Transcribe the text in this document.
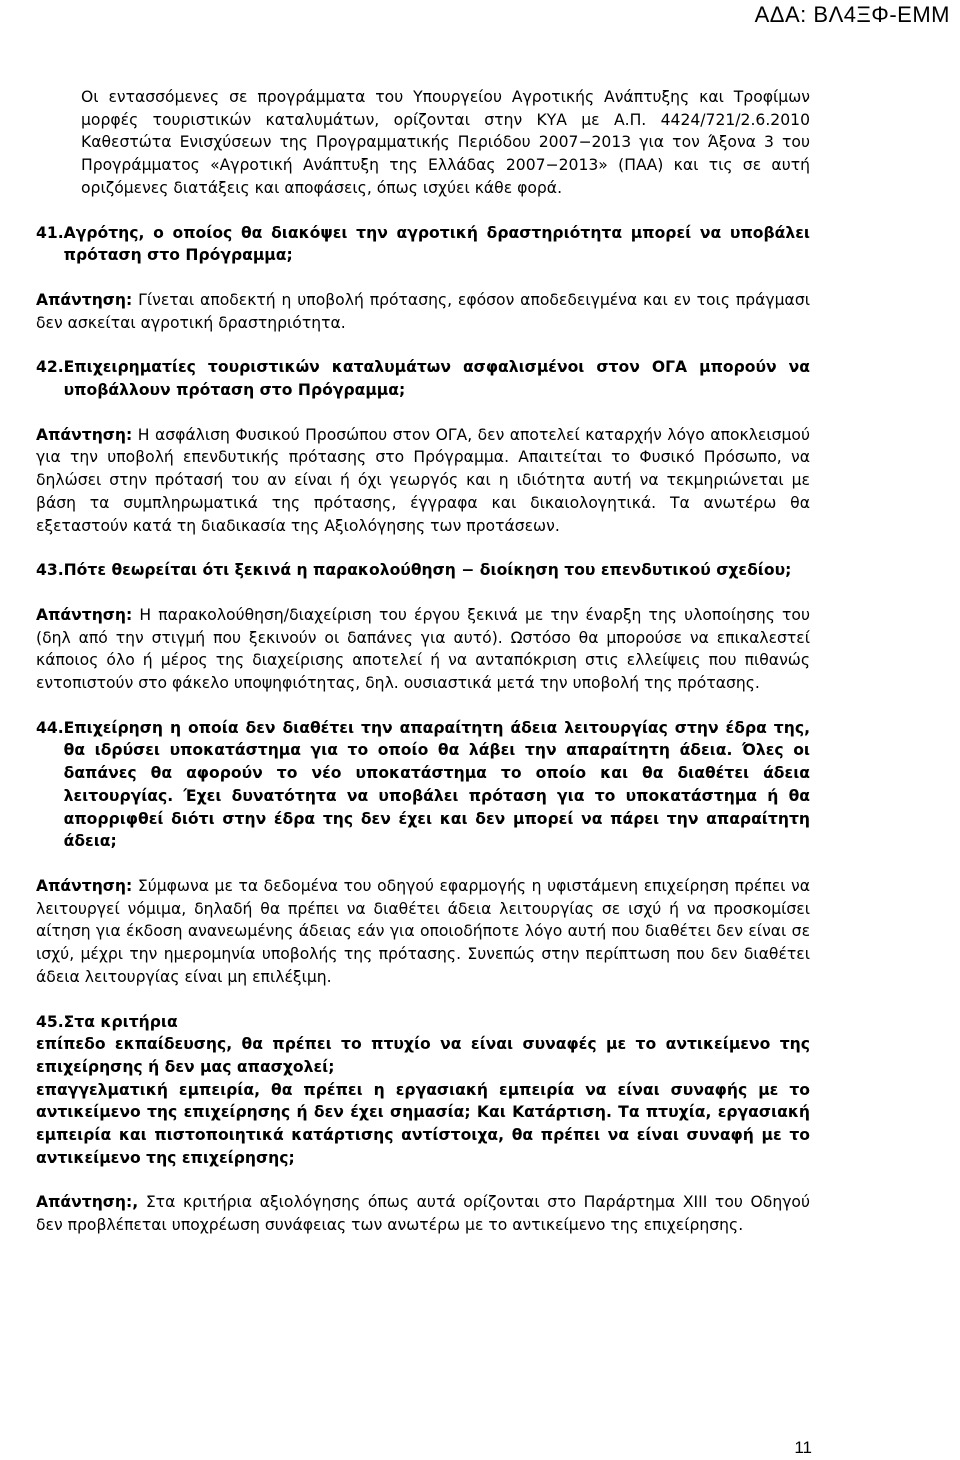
ΑΔΑ: ΒΛ4ΞΦ-ΕΜΜ

Οι εντασσόμενες σε προγράμματα του Υπουργείου Αγροτικής Ανάπτυξης και Τροφίμων μορφές τουριστικών καταλυμάτων, ορίζονται στην ΚΥΑ με Α.Π. 4424/721/2.6.2010 Καθεστώτα Ενισχύσεων της Προγραμματικής Περιόδου 2007−2013 για τον Άξονα 3 του Προγράμματος «Αγροτική Ανάπτυξη της Ελλάδας 2007−2013» (ΠΑΑ) και τις σε αυτή οριζόμενες διατάξεις και αποφάσεις, όπως ισχύει κάθε φορά.

41. Αγρότης, ο οποίος θα διακόψει την αγροτική δραστηριότητα μπορεί να υποβάλει πρόταση στο Πρόγραμμα;

Απάντηση: Γίνεται αποδεκτή η υποβολή πρότασης, εφόσον αποδεδειγμένα και εν τοις πράγμασι δεν ασκείται αγροτική δραστηριότητα.

42. Επιχειρηματίες τουριστικών καταλυμάτων ασφαλισμένοι στον ΟΓΑ μπορούν να υποβάλλουν πρόταση στο Πρόγραμμα;

Απάντηση: Η ασφάλιση Φυσικού Προσώπου στον ΟΓΑ, δεν αποτελεί καταρχήν λόγο αποκλεισμού για την υποβολή επενδυτικής πρότασης στο Πρόγραμμα. Απαιτείται το Φυσικό Πρόσωπο, να δηλώσει στην πρότασή του αν είναι ή όχι γεωργός και η ιδιότητα αυτή να τεκμηριώνεται με βάση τα συμπληρωματικά της πρότασης, έγγραφα και δικαιολογητικά. Τα ανωτέρω θα εξεταστούν κατά τη διαδικασία της Αξιολόγησης των προτάσεων.

43. Πότε θεωρείται ότι ξεκινά η παρακολούθηση − διοίκηση του επενδυτικού σχεδίου;

Απάντηση: Η παρακολούθηση/διαχείριση του έργου ξεκινά με την έναρξη της υλοποίησης του (δηλ από την στιγμή που ξεκινούν οι δαπάνες για αυτό). Ωστόσο θα μπορούσε να επικαλεστεί κάποιος όλο ή μέρος της διαχείρισης αποτελεί ή να ανταπόκριση στις ελλείψεις που πιθανώς εντοπιστούν στο φάκελο υποψηφιότητας, δηλ. ουσιαστικά μετά την υποβολή της πρότασης.

44. Επιχείρηση η οποία δεν διαθέτει την απαραίτητη άδεια λειτουργίας στην έδρα της, θα ιδρύσει υποκατάστημα για το οποίο θα λάβει την απαραίτητη άδεια. Όλες οι δαπάνες θα αφορούν το νέο υποκατάστημα το οποίο και θα διαθέτει άδεια λειτουργίας. Έχει δυνατότητα να υποβάλει πρόταση για το υποκατάστημα ή θα απορριφθεί διότι στην έδρα της δεν έχει και δεν μπορεί να πάρει την απαραίτητη άδεια;

Απάντηση: Σύμφωνα με τα δεδομένα του οδηγού εφαρμογής η υφιστάμενη επιχείρηση πρέπει να λειτουργεί νόμιμα, δηλαδή θα πρέπει να διαθέτει άδεια λειτουργίας σε ισχύ ή να προσκομίσει αίτηση για έκδοση ανανεωμένης άδειας εάν για οποιοδήποτε λόγο αυτή που διαθέτει δεν είναι σε ισχύ, μέχρι την ημερομηνία υποβολής της πρότασης. Συνεπώς στην περίπτωση που δεν διαθέτει άδεια λειτουργίας είναι μη επιλέξιμη.

45. Στα κριτήρια

επίπεδο εκπαίδευσης, θα πρέπει το πτυχίο να είναι συναφές με το αντικείμενο της επιχείρησης ή δεν μας απασχολεί;

επαγγελματική εμπειρία, θα πρέπει η εργασιακή εμπειρία να είναι συναφής με το αντικείμενο της επιχείρησης ή δεν έχει σημασία; Και Κατάρτιση. Τα πτυχία, εργασιακή εμπειρία και πιστοποιητικά κατάρτισης αντίστοιχα, θα πρέπει να είναι συναφή με το αντικείμενο της επιχείρησης;

Απάντηση:, Στα κριτήρια αξιολόγησης όπως αυτά ορίζονται στο Παράρτημα ΧΙΙΙ του Οδηγού δεν προβλέπεται υποχρέωση συνάφειας των ανωτέρω με το αντικείμενο της επιχείρησης.

11
